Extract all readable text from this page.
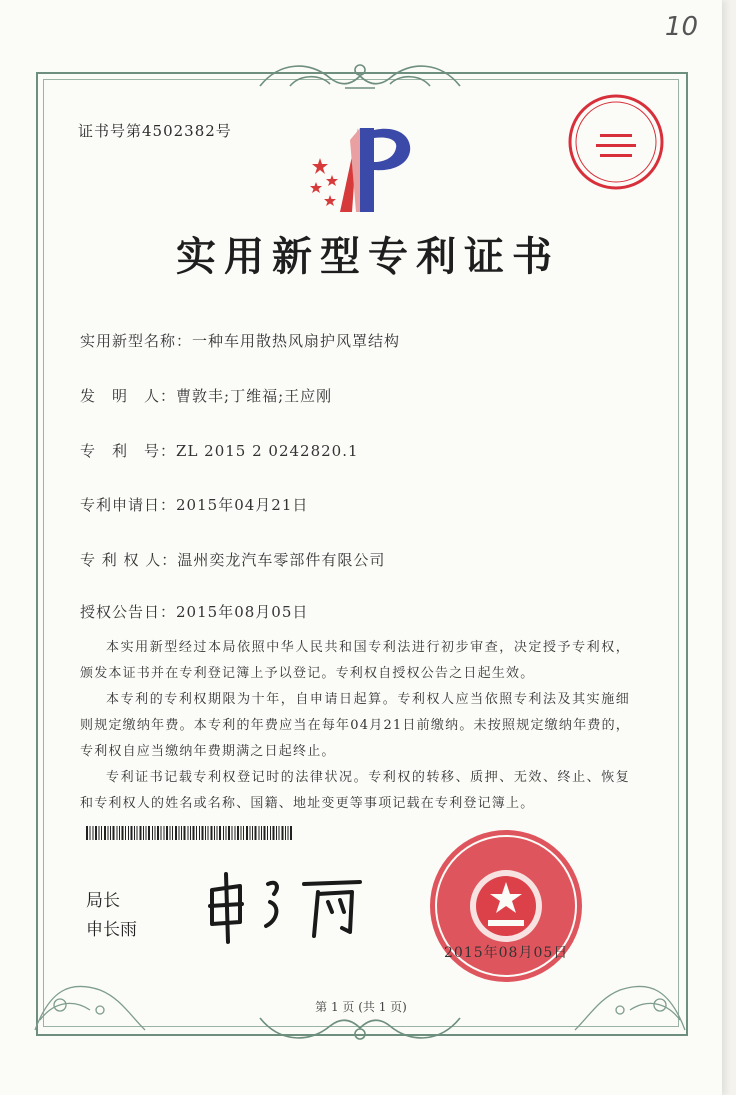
10
证书号第4502382号
实用新型专利证书
实用新型名称：一种车用散热风扇护风罩结构
发　明　人：曹敦丰;丁维福;王应刚
专　利　号：ZL 2015 2 0242820.1
专利申请日：2015年04月21日
专 利 权 人：温州奕龙汽车零部件有限公司
授权公告日：2015年08月05日

本实用新型经过本局依照中华人民共和国专利法进行初步审查，决定授予专利权，颁发本证书并在专利登记簿上予以登记。专利权自授权公告之日起生效。

本专利的专利权期限为十年，自申请日起算。专利权人应当依照专利法及其实施细则规定缴纳年费。本专利的年费应当在每年04月21日前缴纳。未按照规定缴纳年费的，专利权自应当缴纳年费期满之日起终止。

专利证书记载专利权登记时的法律状况。专利权的转移、质押、无效、终止、恢复和专利权人的姓名或名称、国籍、地址变更等事项记载在专利登记簿上。

局长
申长雨
2015年08月05日
第 1 页 (共 1 页)
